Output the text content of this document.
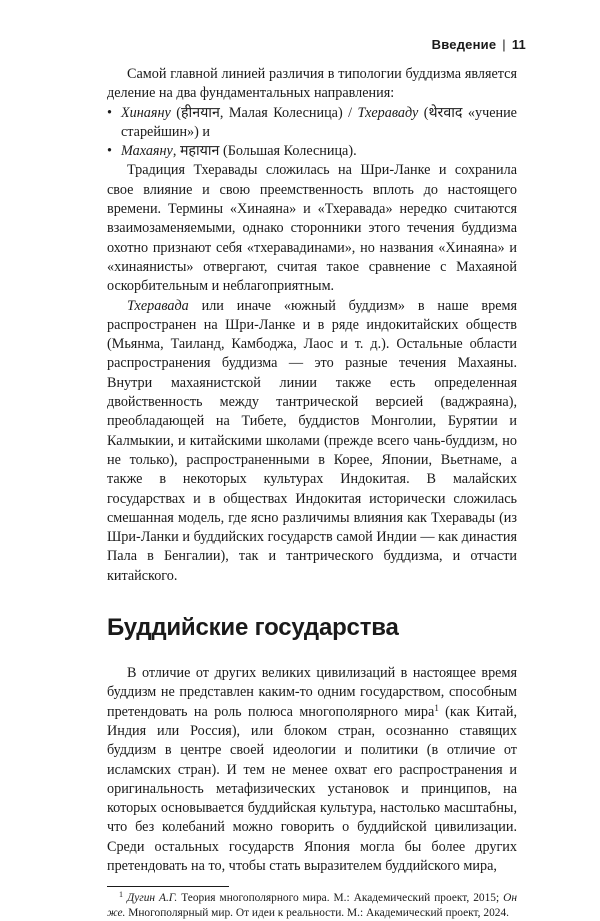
Введение | 11

Самой главной линией различия в типологии буддизма является деление на два фундаментальных направления:

• Хинаяну (हीनयान, Малая Колесница) / Тхераваду (थेरवाद «учение старейшин») и
• Махаяну, महायान (Большая Колесница).

Традиция Тхеравады сложилась на Шри-Ланке и сохранила свое влияние и свою преемственность вплоть до настоящего времени. Термины «Хинаяна» и «Тхеравада» нередко считаются взаимозаменяемыми, однако сторонники этого течения буддизма охотно признают себя «тхеравадинами», но названия «Хинаяна» и «хинаянисты» отвергают, считая такое сравнение с Махаяной оскорбительным и неблагоприятным.

Тхеравада или иначе «южный буддизм» в наше время распространен на Шри-Ланке и в ряде индокитайских обществ (Мьянма, Таиланд, Камбоджа, Лаос и т. д.). Остальные области распространения буддизма — это разные течения Махаяны. Внутри махаянистской линии также есть определенная двойственность между тантрической версией (ваджраяна), преобладающей на Тибете, буддистов Монголии, Бурятии и Калмыкии, и китайскими школами (прежде всего чань-буддизм, но не только), распространенными в Корее, Японии, Вьетнаме, а также в некоторых культурах Индокитая. В малайских государствах и в обществах Индокитая исторически сложилась смешанная модель, где ясно различимы влияния как Тхеравады (из Шри-Ланки и буддийских государств самой Индии — как династия Пала в Бенгалии), так и тантрического буддизма, и отчасти китайского.

Буддийские государства

В отличие от других великих цивилизаций в настоящее время буддизм не представлен каким-то одним государством, способным претендовать на роль полюса многополярного мира$^1$ (как Китай, Индия или Россия), или блоком стран, осознанно ставящих буддизм в центре своей идеологии и политики (в отличие от исламских стран). И тем не менее охват его распространения и оригинальность метафизических установок и принципов, на которых основывается буддийская культура, настолько масштабны, что без колебаний можно говорить о буддийской цивилизации. Среди остальных государств Япония могла бы более других претендовать на то, чтобы стать выразителем буддийского мира,

$^1$ Дугин А.Г. Теория многополярного мира. М.: Академический проект, 2015; Он же. Многополярный мир. От идеи к реальности. М.: Академический проект, 2024.
